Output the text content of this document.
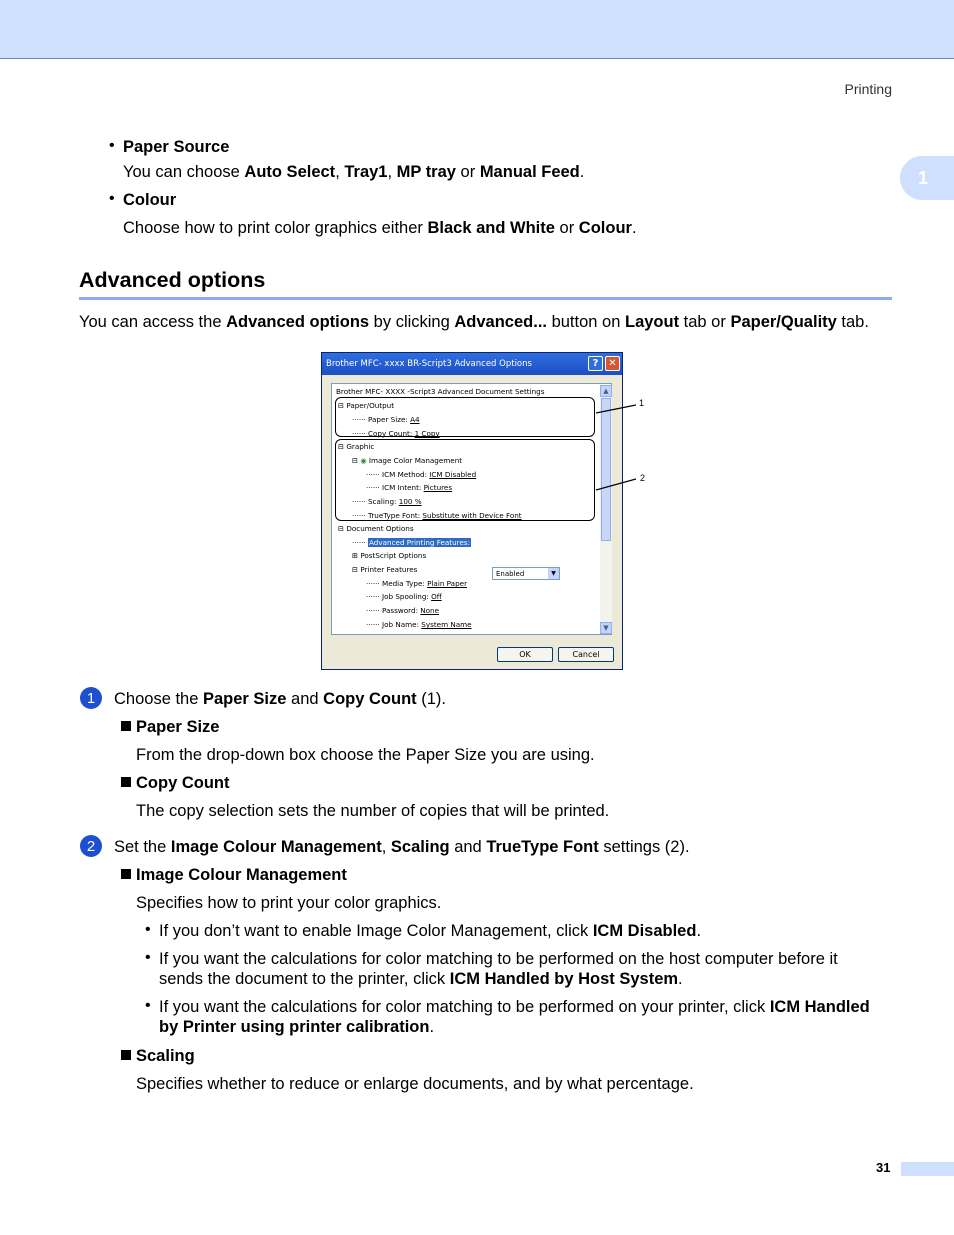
Printing
1
• Paper Source
You can choose Auto Select, Tray1, MP tray or Manual Feed.
• Colour
Choose how to print color graphics either Black and White or Colour.
Advanced options
You can access the Advanced options by clicking Advanced... button on Layout tab or Paper/Quality tab.
Brother MFC- xxxx BR-Script3 Advanced Options	? ✕
Brother MFC- XXXX -Script3 Advanced Document Settings
⊟ Paper/Output
······ Paper Size: A4
······ Copy Count: 1 Copy
⊟ Graphic
⊟ ◉ Image Color Management
······ ICM Method: ICM Disabled
······ ICM Intent: Pictures
······ Scaling: 100 %
······ TrueType Font: Substitute with Device Font
⊟ Document Options
······ Advanced Printing Features:
⊞ PostScript Options
⊟ Printer Features
······ Media Type: Plain Paper
······ Job Spooling: Off
······ Password: None
······ Job Name: System Name
Enabled	▼
▲
▼
OK	Cancel
1
2
1	Choose the Paper Size and Copy Count (1).
Paper Size
From the drop-down box choose the Paper Size you are using.
Copy Count
The copy selection sets the number of copies that will be printed.
2	Set the Image Colour Management, Scaling and TrueType Font settings (2).
Image Colour Management
Specifies how to print your color graphics.
• If you don’t want to enable Image Color Management, click ICM Disabled.
• If you want the calculations for color matching to be performed on the host computer before it
sends the document to the printer, click ICM Handled by Host System.
• If you want the calculations for color matching to be performed on your printer, click ICM Handled
by Printer using printer calibration.
Scaling
Specifies whether to reduce or enlarge documents, and by what percentage.
31
